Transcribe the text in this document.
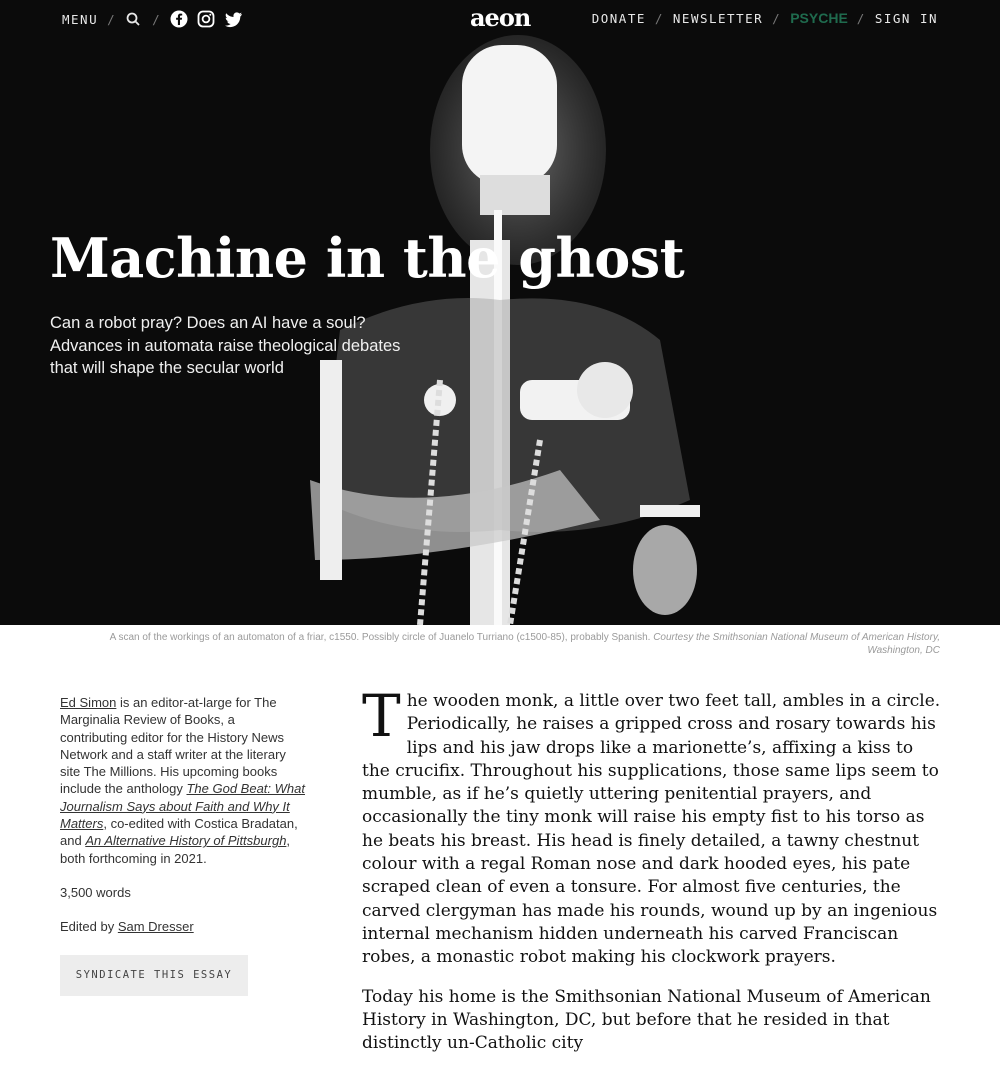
MENU /	/	aeon	DONATE / NEWSLETTER / PSYCHE / SIGN IN
Machine in the ghost
Can a robot pray? Does an AI have a soul? Advances in automata raise theological debates that will shape the secular world
A scan of the workings of an automaton of a friar, c1550. Possibly circle of Juanelo Turriano (c1500-85), probably Spanish. Courtesy the Smithsonian National Museum of American History, Washington, DC

Ed Simon is an editor-at-large for The Marginalia Review of Books, a contributing editor for the History News Network and a staff writer at the literary site The Millions. His upcoming books include the anthology The God Beat: What Journalism Says about Faith and Why It Matters, co-edited with Costica Bradatan, and An Alternative History of Pittsburgh, both forthcoming in 2021.

3,500 words

Edited by Sam Dresser

SYNDICATE THIS ESSAY

The wooden monk, a little over two feet tall, ambles in a circle. Periodically, he raises a gripped cross and rosary towards his lips and his jaw drops like a marionette’s, affixing a kiss to the crucifix. Throughout his supplications, those same lips seem to mumble, as if he’s quietly uttering penitential prayers, and occasionally the tiny monk will raise his empty fist to his torso as he beats his breast. His head is finely detailed, a tawny chestnut colour with a regal Roman nose and dark hooded eyes, his pate scraped clean of even a tonsure. For almost five centuries, the carved clergyman has made his rounds, wound up by an ingenious internal mechanism hidden underneath his carved Franciscan robes, a monastic robot making his clockwork prayers.

Today his home is the Smithsonian National Museum of American History in Washington, DC, but before that he resided in that distinctly un-Catholic city
